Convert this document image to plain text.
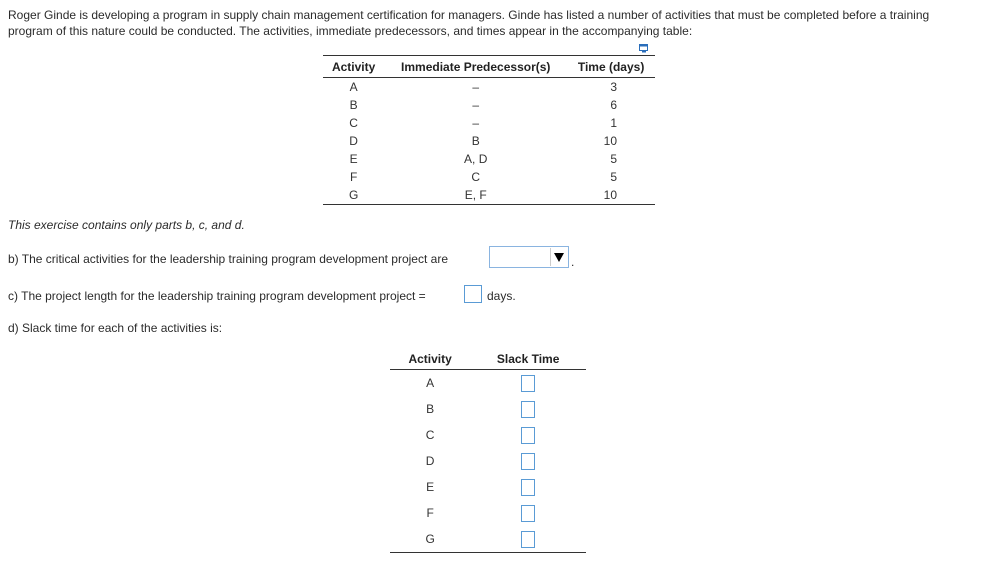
Roger Ginde is developing a program in supply chain management certification for managers. Ginde has listed a number of activities that must be completed before a training program of this nature could be conducted. The activities, immediate predecessors, and times appear in the accompanying table:
Activity	Immediate Predecessor(s)	Time (days)
A	–	3
B	–	6
C	–	1
D	B	10
E	A, D	5
F	C	5
G	E, F	10
This exercise contains only parts b, c, and d.
b) The critical activities for the leadership training program development project are	.
c) The project length for the leadership training program development project =	days.
d) Slack time for each of the activities is:
Activity	Slack Time
A	
B	
C	
D	
E	
F	
G	
